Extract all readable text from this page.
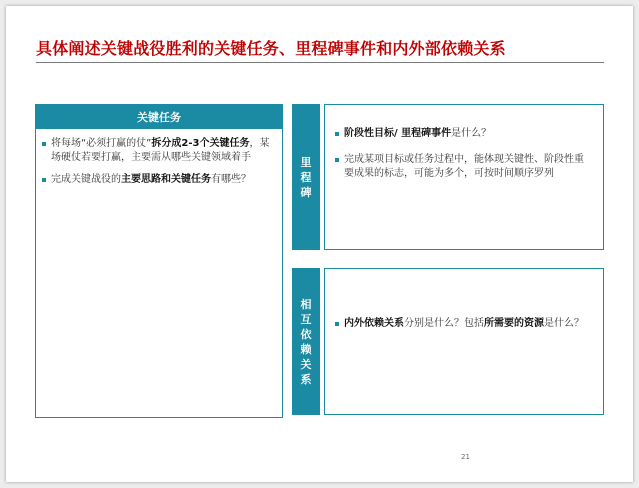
具体阐述关键战役胜利的关键任务、里程碑事件和内外部依赖关系
关键任务
将每场“必须打赢的仗”拆分成2-3个关键任务，某场硬仗若要打赢，主要需从哪些关键领域着手
完成关键战役的主要思路和关键任务有哪些？
里程碑
阶段性目标/ 里程碑事件是什么？
完成某项目标或任务过程中，能体现关键性、阶段性重要成果的标志，可能为多个，可按时间顺序罗列
相互依赖关系
内外依赖关系分别是什么？包括所需要的资源是什么？
21
